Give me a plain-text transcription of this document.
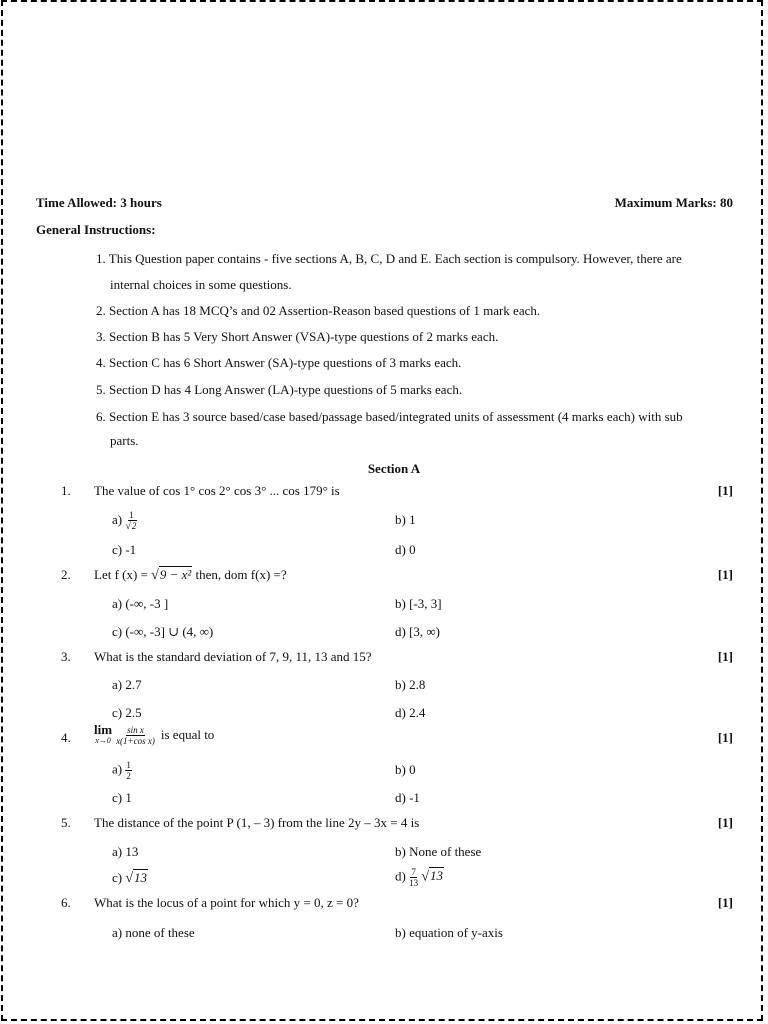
Time Allowed: 3 hours	Maximum Marks: 80
General Instructions:
1. This Question paper contains - five sections A, B, C, D and E. Each section is compulsory. However, there are
internal choices in some questions.
2. Section A has 18 MCQ’s and 02 Assertion-Reason based questions of 1 mark each.
3. Section B has 5 Very Short Answer (VSA)-type questions of 2 marks each.
4. Section C has 6 Short Answer (SA)-type questions of 3 marks each.
5. Section D has 4 Long Answer (LA)-type questions of 5 marks each.
6. Section E has 3 source based/case based/passage based/integrated units of assessment (4 marks each) with sub
parts.
Section A
1. The value of cos 1° cos 2° cos 3° ... cos 179° is	[1]
$a) \frac{1}{√2}$	b) 1
c) -1	d) 0
2. Let f (x) = √9 − x² then, dom f(x) =?	[1]
a) (-∞, -3 ]	b) [-3, 3]
c) (-∞, -3] ∪ (4, ∞)	d) [3, ∞)
3. What is the standard deviation of 7, 9, 11, 13 and 15?	[1]
a) 2.7	b) 2.8
c) 2.5	d) 2.4
4.
lim
$x\to 0 \frac{\text{sin x}}{\text{x(1+cos x)}}$ is equal to	[1]
$a) \frac{1}{2}$	b) 0
c) 1	d) -1
5. The distance of the point P (1, – 3) from the line 2y – 3x = 4 is	[1]
a) 13	b) None of these
c) √13	$d) \frac{7}{13} √13$
6. What is the locus of a point for which y = 0, z = 0?	[1]
a) none of these	b) equation of y-axis
